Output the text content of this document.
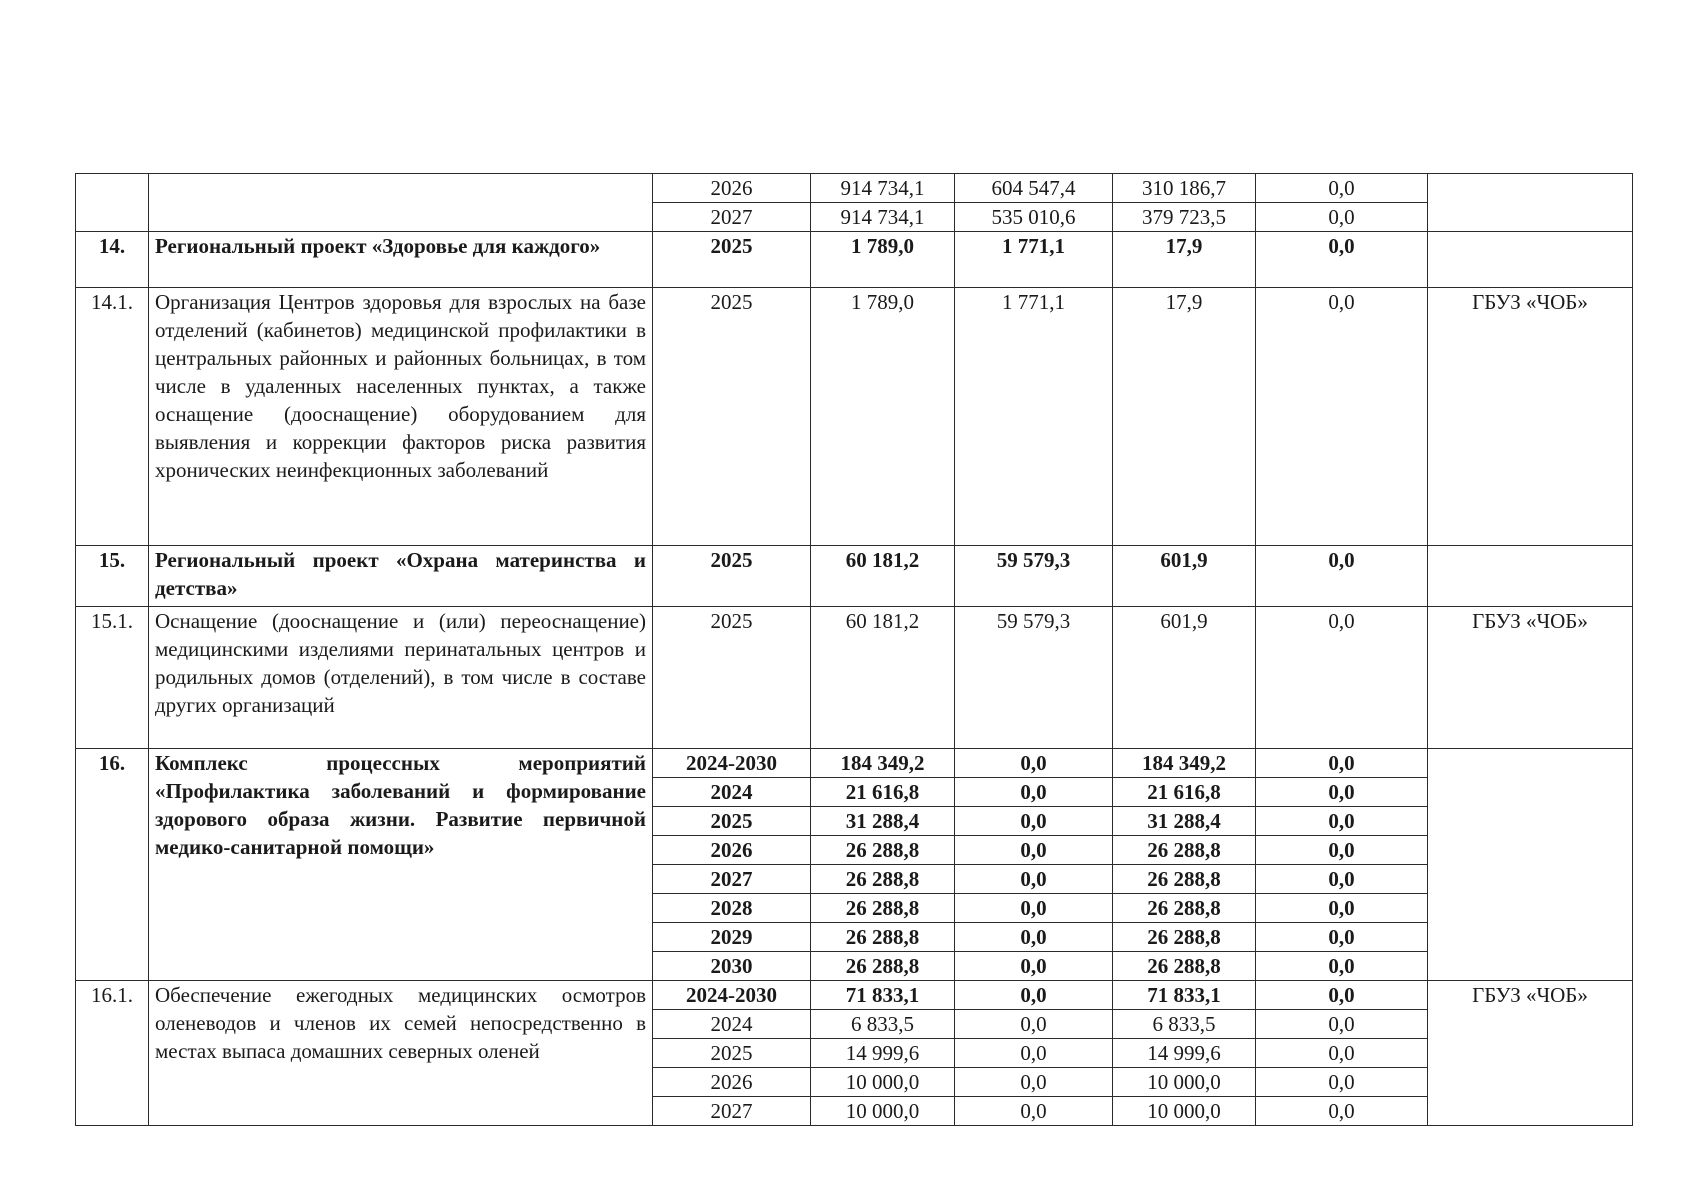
		2026	914 734,1	604 547,4	310 186,7	0,0	
		2027	914 734,1	535 010,6	379 723,5	0,0	
14.	Региональный проект «Здоровье для каждого»	2025	1 789,0	1 771,1	17,9	0,0	
14.1.	Организация Центров здоровья для взрослых на базе отделений (кабинетов) медицинской профилактики в центральных районных и районных больницах, в том числе в удаленных населенных пунктах, а также оснащение (дооснащение) оборудованием для выявления и коррекции факторов риска развития хронических неинфекционных заболеваний	2025	1 789,0	1 771,1	17,9	0,0	ГБУЗ «ЧОБ»
15.	Региональный проект «Охрана материнства и детства»	2025	60 181,2	59 579,3	601,9	0,0	
15.1.	Оснащение (дооснащение и (или) переоснащение) медицинскими изделиями перинатальных центров и родильных домов (отделений), в том числе в составе других организаций	2025	60 181,2	59 579,3	601,9	0,0	ГБУЗ «ЧОБ»
16.	Комплекс процессных мероприятий «Профилактика заболеваний и формирование здорового образа жизни. Развитие первичной медико-санитарной помощи»	2024-2030	184 349,2	0,0	184 349,2	0,0	
		2024	21 616,8	0,0	21 616,8	0,0	
		2025	31 288,4	0,0	31 288,4	0,0	
		2026	26 288,8	0,0	26 288,8	0,0	
		2027	26 288,8	0,0	26 288,8	0,0	
		2028	26 288,8	0,0	26 288,8	0,0	
		2029	26 288,8	0,0	26 288,8	0,0	
		2030	26 288,8	0,0	26 288,8	0,0	
16.1.	Обеспечение ежегодных медицинских осмотров оленеводов и членов их семей непосредственно в местах выпаса домашних северных оленей	2024-2030	71 833,1	0,0	71 833,1	0,0	ГБУЗ «ЧОБ»
		2024	6 833,5	0,0	6 833,5	0,0	
		2025	14 999,6	0,0	14 999,6	0,0	
		2026	10 000,0	0,0	10 000,0	0,0	
		2027	10 000,0	0,0	10 000,0	0,0	
